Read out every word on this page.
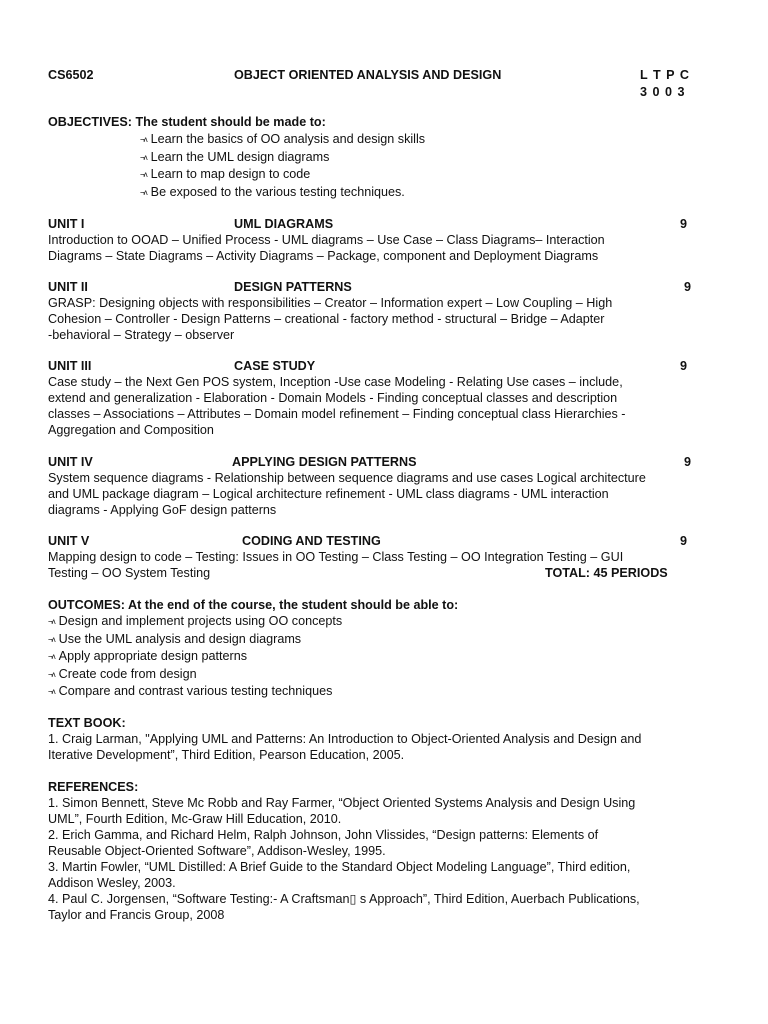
CS6502	OBJECT ORIENTED ANALYSIS AND DESIGN	L T P C
3 0 0 3
OBJECTIVES: The student should be made to:
¬ᴧ Learn the basics of OO analysis and design skills
¬ᴧ Learn the UML design diagrams
¬ᴧ Learn to map design to code
¬ᴧ Be exposed to the various testing techniques.
UNIT I	UML DIAGRAMS	9
Introduction to OOAD – Unified Process - UML diagrams – Use Case – Class Diagrams– Interaction
Diagrams – State Diagrams – Activity Diagrams – Package, component and Deployment Diagrams
UNIT II	DESIGN PATTERNS	9
GRASP: Designing objects with responsibilities – Creator – Information expert – Low Coupling – High
Cohesion – Controller - Design Patterns – creational - factory method - structural – Bridge – Adapter
-behavioral – Strategy – observer
UNIT III	CASE STUDY	9
Case study – the Next Gen POS system, Inception -Use case Modeling - Relating Use cases – include,
extend and generalization - Elaboration - Domain Models - Finding conceptual classes and description
classes – Associations – Attributes – Domain model refinement – Finding conceptual class Hierarchies -
Aggregation and Composition
UNIT IV	APPLYING DESIGN PATTERNS	9
System sequence diagrams - Relationship between sequence diagrams and use cases Logical architecture
and UML package diagram – Logical architecture refinement - UML class diagrams - UML interaction
diagrams - Applying GoF design patterns
UNIT V	CODING AND TESTING	9
Mapping design to code – Testing: Issues in OO Testing – Class Testing – OO Integration Testing – GUI
Testing – OO System Testing	TOTAL: 45 PERIODS
OUTCOMES: At the end of the course, the student should be able to:
¬ᴧ Design and implement projects using OO concepts
¬ᴧ Use the UML analysis and design diagrams
¬ᴧ Apply appropriate design patterns
¬ᴧ Create code from design
¬ᴧ Compare and contrast various testing techniques
TEXT BOOK:
1. Craig Larman, "Applying UML and Patterns: An Introduction to Object-Oriented Analysis and Design and
Iterative Development”, Third Edition, Pearson Education, 2005.
REFERENCES:
1. Simon Bennett, Steve Mc Robb and Ray Farmer, “Object Oriented Systems Analysis and Design Using
UML”, Fourth Edition, Mc-Graw Hill Education, 2010.
2. Erich Gamma, and Richard Helm, Ralph Johnson, John Vlissides, “Design patterns: Elements of
Reusable Object-Oriented Software”, Addison-Wesley, 1995.
3. Martin Fowler, “UML Distilled: A Brief Guide to the Standard Object Modeling Language”, Third edition,
Addison Wesley, 2003.
4. Paul C. Jorgensen, “Software Testing:- A Craftsman▯ s Approach”, Third Edition, Auerbach Publications,
Taylor and Francis Group, 2008
